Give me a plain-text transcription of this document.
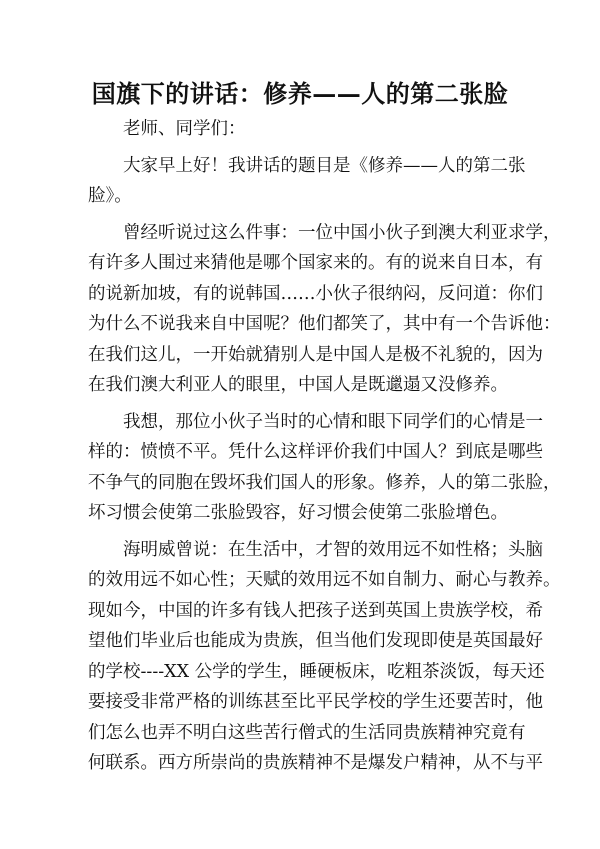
国旗下的讲话：修养——人的第二张脸
老师、同学们：
大家早上好！我讲话的题目是《修养——人的第二张
脸》。
曾经听说过这么件事：一位中国小伙子到澳大利亚求学，
有许多人围过来猜他是哪个国家来的。有的说来自日本，有
的说新加坡，有的说韩国……小伙子很纳闷，反问道：你们
为什么不说我来自中国呢？他们都笑了，其中有一个告诉他：
在我们这儿，一开始就猜别人是中国人是极不礼貌的，因为
在我们澳大利亚人的眼里，中国人是既邋遢又没修养。
我想，那位小伙子当时的心情和眼下同学们的心情是一
样的：愤愤不平。凭什么这样评价我们中国人？到底是哪些
不争气的同胞在毁坏我们国人的形象。修养，人的第二张脸，
坏习惯会使第二张脸毁容，好习惯会使第二张脸增色。
海明威曾说：在生活中，才智的效用远不如性格；头脑
的效用远不如心性；天赋的效用远不如自制力、耐心与教养。
现如今，中国的许多有钱人把孩子送到英国上贵族学校，希
望他们毕业后也能成为贵族，但当他们发现即使是英国最好
的学校----XX 公学的学生，睡硬板床，吃粗茶淡饭，每天还
要接受非常严格的训练甚至比平民学校的学生还要苦时，他
们怎么也弄不明白这些苦行僧式的生活同贵族精神究竟有
何联系。西方所崇尚的贵族精神不是爆发户精神，从不与平
